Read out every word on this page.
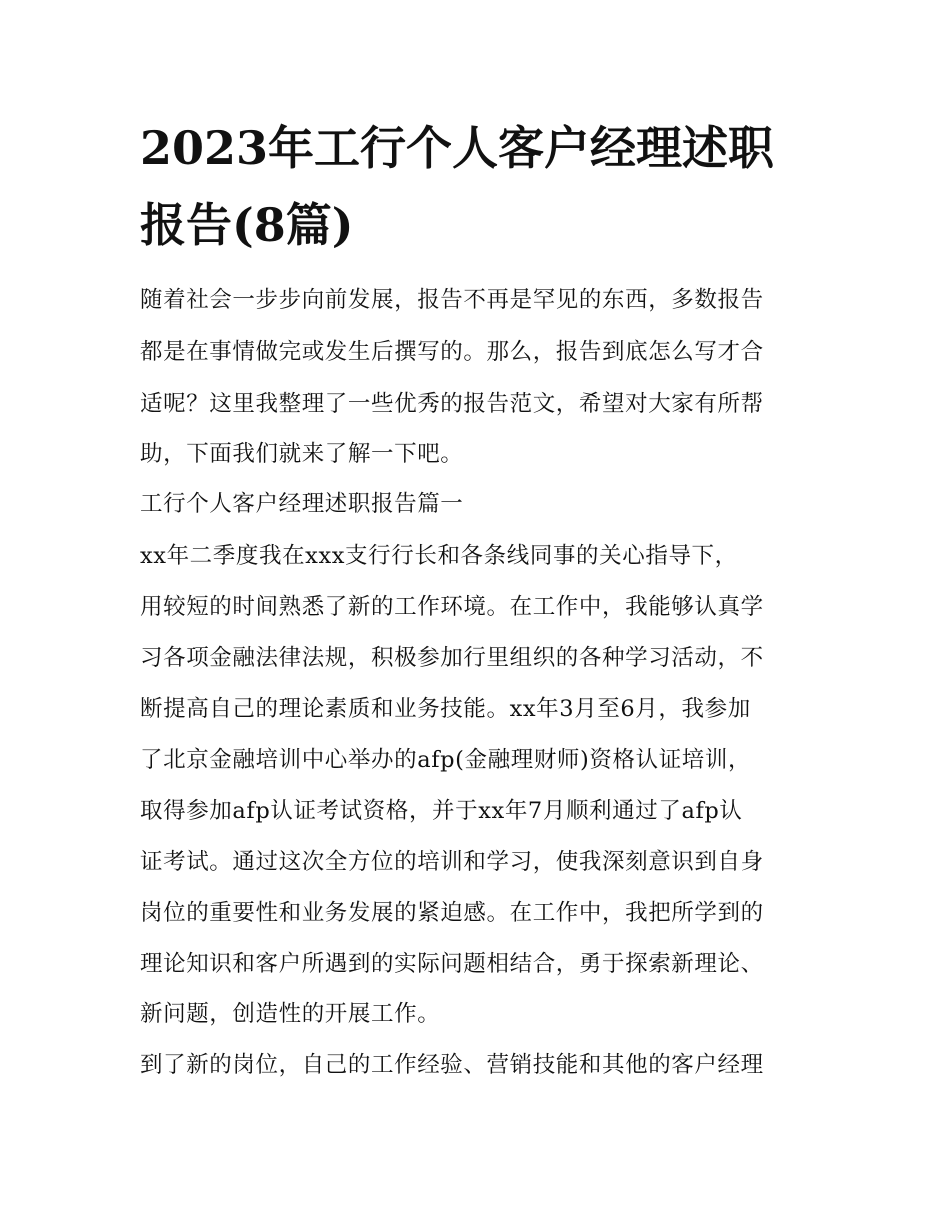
2023年工行个人客户经理述职
报告(8篇)
随着社会一步步向前发展，报告不再是罕见的东西，多数报告
都是在事情做完或发生后撰写的。那么，报告到底怎么写才合
适呢？这里我整理了一些优秀的报告范文，希望对大家有所帮
助，下面我们就来了解一下吧。
工行个人客户经理述职报告篇一
xx年二季度我在xxx支行行长和各条线同事的关心指导下，
用较短的时间熟悉了新的工作环境。在工作中，我能够认真学
习各项金融法律法规，积极参加行里组织的各种学习活动，不
断提高自己的理论素质和业务技能。xx年3月至6月，我参加
了北京金融培训中心举办的afp(金融理财师)资格认证培训，
取得参加afp认证考试资格，并于xx年7月顺利通过了afp认
证考试。通过这次全方位的培训和学习，使我深刻意识到自身
岗位的重要性和业务发展的紧迫感。在工作中，我把所学到的
理论知识和客户所遇到的实际问题相结合，勇于探索新理论、
新问题，创造性的开展工作。
到了新的岗位，自己的工作经验、营销技能和其他的客户经理
